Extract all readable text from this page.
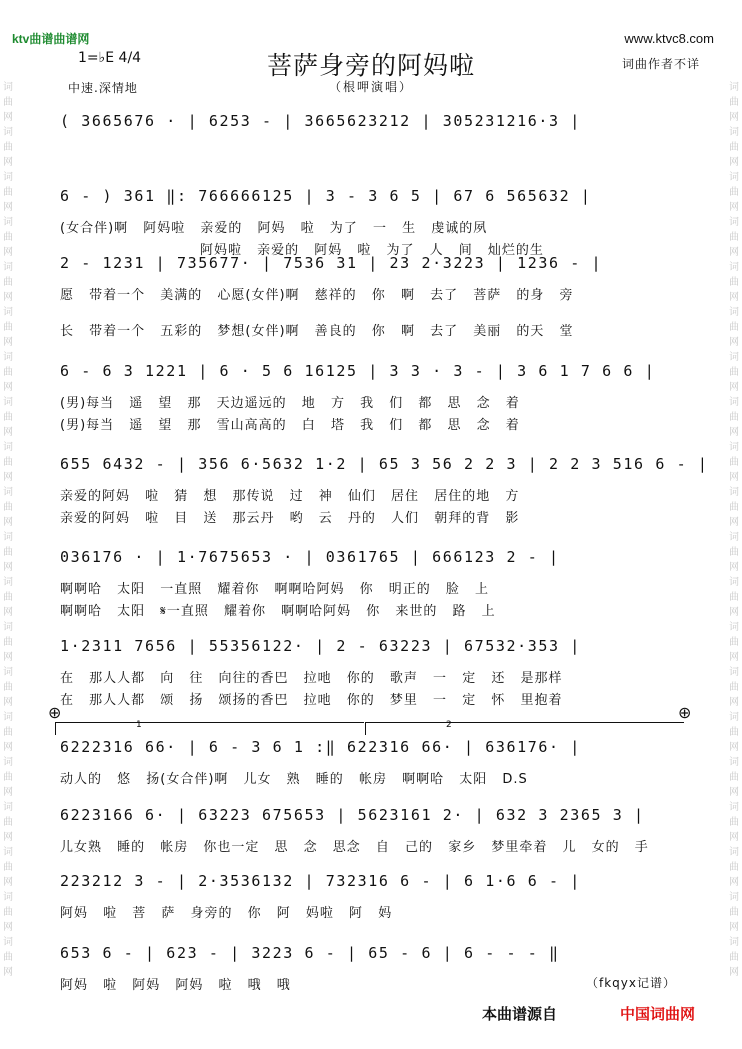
ktv曲谱曲谱网	www.ktvc8.com
1=♭E 4/4
中速.深情地
菩萨身旁的阿妈啦
（根呷演唱）
词曲作者不详
( 3665676 · | 6253 - | 3665623212 | 305231216·3 |
6 - ) 361 ‖: 766666125 | 3 - 3 6 5 | 67 6 565632 |
(女合伴)啊 阿妈啦 亲爱的 阿妈 啦 为了 一 生 虔诚的夙
阿妈啦 亲爱的 阿妈 啦 为了 人 间 灿烂的生
2 - 1231 | 735677· | 7536 31 | 23 2·3223 | 1236 - |
愿 带着一个 美满的 心愿(女伴)啊 慈祥的 你 啊 去了 菩萨 的身 旁
长 带着一个 五彩的 梦想(女伴)啊 善良的 你 啊 去了 美丽 的天 堂
6 - 6 3 1221 | 6 · 5 6 16125 | 3 3 · 3 - | 3 6 1 7 6 6 |
(男)每当 遥 望 那 天边遥远的 地 方 我 们 都 思 念 着
(男)每当 遥 望 那 雪山高高的 白 塔 我 们 都 思 念 着
655 6432 - | 356 6·5632 1·2 | 65 3 56 2 2 3 | 2 2 3 516 6 - |
亲爱的阿妈 啦 猜 想 那传说 过 神 仙们 居住 居住的地 方
亲爱的阿妈 啦 目 送 那云丹 哟 云 丹的 人们 朝拜的背 影
036176 · | 1·7675653 · | 0361765 | 666123 2 - |
啊啊哈 太阳 一直照 耀着你 啊啊哈阿妈 你 明正的 脸 上
啊啊哈 太阳 𝄋一直照 耀着你 啊啊哈阿妈 你 来世的 路 上
1·2311 7656 | 55356122· | 2 - 63223 | 67532·353 |
在 那人人都 向 往 向往的香巴 拉吔 你的 歌声 一 定 还 是那样
在 那人人都 颂 扬 颂扬的香巴 拉吔 你的 梦里 一 定 怀 里抱着
6222316 66· | 6 - 3 6 1 :‖ 622316 66· | 636176· |
动人的 悠 扬(女合伴)啊 儿女 熟 睡的 帐房 啊啊哈 太阳 D.S
6223166 6· | 63223 675653 | 5623161 2· | 632 3 2365 3 |
儿女熟 睡的 帐房 你也一定 思 念 思念 自 己的 家乡 梦里牵着 儿 女的 手
223212 3 - | 2·3536132 | 732316 6 - | 6 1·6 6 - |
阿妈 啦 菩 萨 身旁的 你 阿 妈啦 阿 妈
653 6 - | 623 - | 3223 6 - | 65 - 6 | 6 - - - ‖
阿妈 啦 阿妈 阿妈 啦 哦 哦
1	2
⊕	⊕
（fkqyx记谱）
本曲谱源自	中国词曲网
词曲网 词曲网 词曲网 词曲网 词曲网 词曲网 词曲网 词曲网 词曲网 词曲网 词曲网 词曲网 词曲网 词曲网 词曲网 词曲网 词曲网 词曲网 词曲网 词曲网
词曲网 词曲网 词曲网 词曲网 词曲网 词曲网 词曲网 词曲网 词曲网 词曲网 词曲网 词曲网 词曲网 词曲网 词曲网 词曲网 词曲网 词曲网 词曲网 词曲网
